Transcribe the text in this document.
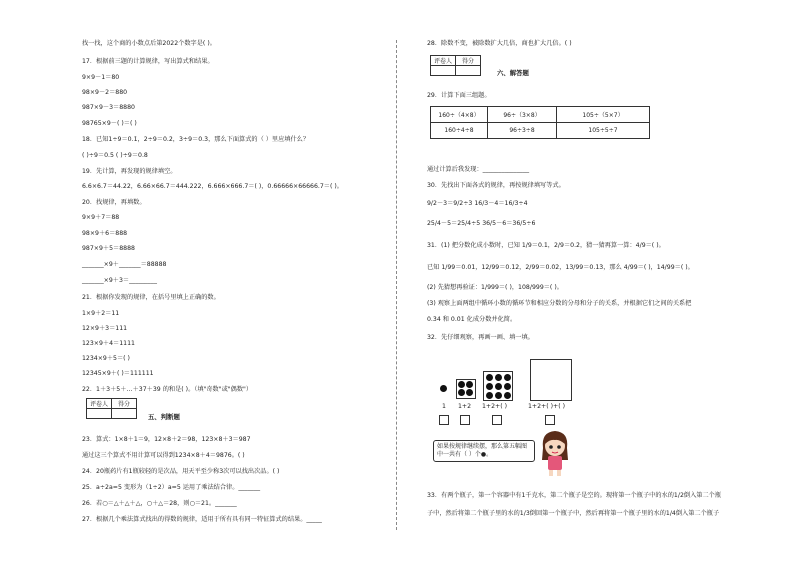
找一找，这个商的小数点后第2022个数字是( )。
17．根据前三题的计算规律，写出算式和结果。
9×9－1＝80
98×9－2＝880
987×9－3＝8880
98765×9－( )＝( )
18．已知1÷9＝0.1̇，2÷9＝0.2̇，3÷9＝0.3̇，那么下面算式的（ ）里应填什么？
( )÷9＝0.5̇ ( )÷9＝0.8̇
19．先计算，再发现的规律填空。
6.6×6.7＝44.22，6.66×66.7＝444.222，6.666×666.7＝( )，0.66666×66666.7＝( )。
20．找规律，再填数。
9×9＋7＝88
98×9＋6＝888
987×9＋5＝8888
_______×9＋_______＝88888
_______×9＋3＝_________
21．根据你发现的规律，在括号里填上正确的数。
1×9＋2＝11
12×9＋3＝111
123×9＋4＝1111
1234×9＋5＝( )
12345×9＋( )＝111111
22．1＋3＋5＋…＋37＋39 的和是( )。（填"奇数"或"偶数"）
评卷人	得分

五、判断题
23．算式：1×8＋1＝9，12×8＋2＝98，123×8＋3＝987
通过这三个算式不用计算可以得到1234×8＋4＝9876。( )
24．20瓶药片有1瓶较轻的是次品，用天平至少称3次可以找出次品。( )
25．a÷2a=5 变形为（1÷2）a=5 运用了乘法结合律。_______
26．若○＝△＋△＋△，○＋△＝28，则○＝21。_______
27．根据几个乘法算式找出的得数的规律，适用于所有具有同一特征算式的结果。_____
28．除数不变，被除数扩大几倍，商也扩大几倍。( )
评卷人	得分

六、解答题
29．计算下面三组题。
160÷（4×8）	96÷（3×8）	105÷（5×7）
160÷4÷8	96÷3÷8	105÷5÷7
通过计算后我发现：_______________
30．先找出下面各式的规律，再按规律填写等式。
9/2－3＝9/2÷3 16/3－4＝16/3÷4
25/4－5＝25/4÷5 36/5－6＝36/5÷6
31．(1) 把分数化成小数时，已知 1/9＝0.1̇，2/9＝0.2̇，猜一猜再算一算：4/9＝( )。
已知 1/99＝0.01̇，12/99＝0.1̇2̇，2/99＝0.0̇2̇，13/99＝0.1̇3̇，那么 4/99＝( )，14/99＝( )。
(2) 先猜想再验证：1/999＝( )，108/999＝( )。
(3) 观察上面两组中循环小数的循环节和相应分数的分母和分子的关系，并根据它们之间的关系把
0.3̇4̇ 和 0.0̇1̇ 化成分数并化简。
32．先仔细观察，再画一画、填一填。
1 1+2 1+2+( )	1+2+( )+( )
如果按规律继续摆，那么第五幅图中一共有（ ）个●。
33．有两个瓶子，第一个容器中有1千克水，第二个瓶子是空的。现将第一个瓶子中的水的1/2倒入第二个瓶
子中，然后将第二个瓶子里的水的1/3倒回第一个瓶子中，然后再将第一个瓶子里的水的1/4倒入第二个瓶子
